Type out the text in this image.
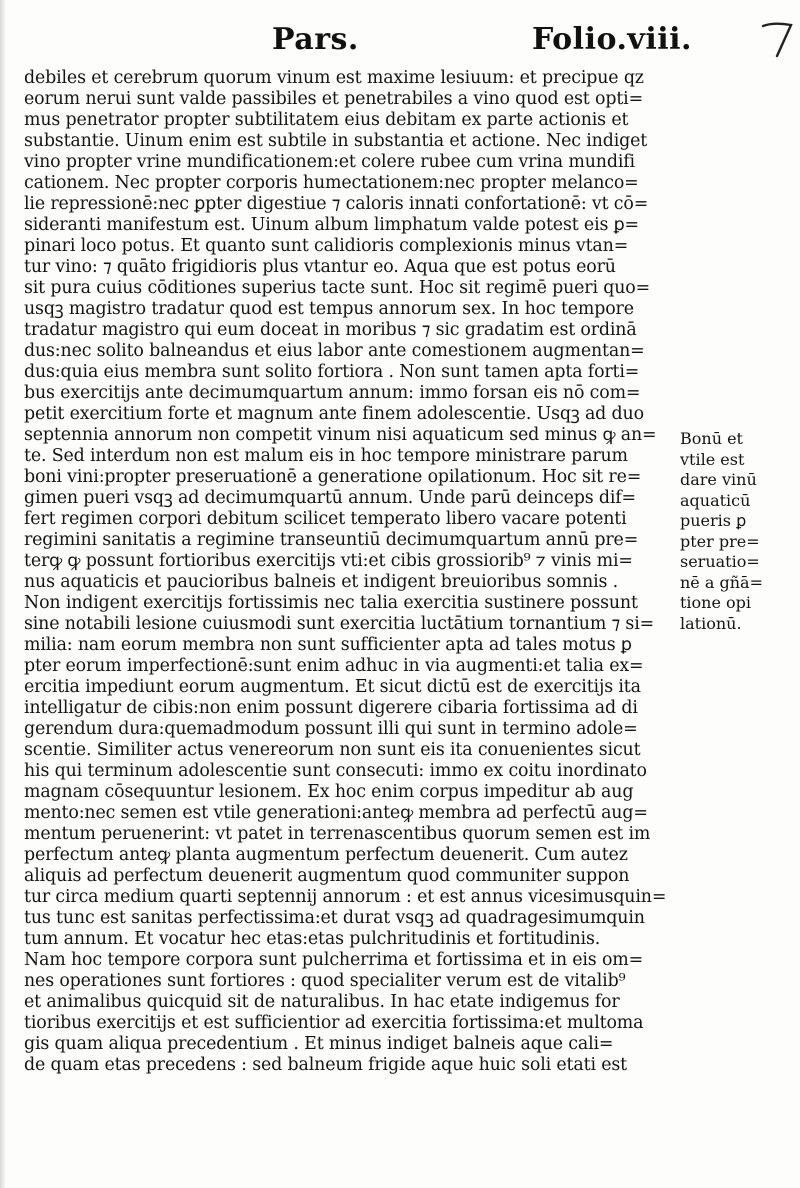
Pars.	Folio.viii.
debiles et cerebrum quorum vinum est maxime lesiuum: et precipue qz
eorum nerui sunt valde passibiles et penetrabiles a vino quod est opti=
mus penetrator propter subtilitatem eius debitam ex parte actionis et
substantie. Uinum enim est subtile in substantia et actione. Nec indiget
vino propter vrine mundificationem:et colere rubee cum vrina mundifi
cationem. Nec propter corporis humectationem:nec propter melanco=
lie repressionē:nec ꝑpter digestiue ⁊ caloris innati confortationē: vt cō=
sideranti manifestum est. Uinum album limphatum valde potest eis ꝑ=
pinari loco potus. Et quanto sunt calidioris complexionis minus vtan=
tur vino: ⁊ quāto frigidioris plus vtantur eo. Aqua que est potus eorū
sit pura cuius cōditiones superius tacte sunt. Hoc sit regimē pueri quo=
usqꝫ magistro tradatur quod est tempus annorum sex. In hoc tempore
tradatur magistro qui eum doceat in moribus ⁊ sic gradatim est ordinā
dus:nec solito balneandus et eius labor ante comestionem augmentan=
dus:quia eius membra sunt solito fortiora . Non sunt tamen apta forti=
bus exercitijs ante decimumquartum annum: immo forsan eis nō com=
petit exercitium forte et magnum ante finem adolescentie. Usqꝫ ad duo
septennia annorum non competit vinum nisi aquaticum sed minus ꝙ an=
te. Sed interdum non est malum eis in hoc tempore ministrare parum
boni vini:propter preseruationē a generatione opilationum. Hoc sit re=
gimen pueri vsqꝫ ad decimumquartū annum. Unde parū deinceps dif=
fert regimen corpori debitum scilicet temperato libero vacare potenti
regimini sanitatis a regimine transeuntiū decimumquartum annū pre=
terꝙ ꝙ possunt fortioribus exercitijs vti:et cibis grossiorib⁹ ⁊ vinis mi=
nus aquaticis et paucioribus balneis et indigent breuioribus somnis .
Non indigent exercitijs fortissimis nec talia exercitia sustinere possunt
sine notabili lesione cuiusmodi sunt exercitia luctātium tornantium ⁊ si=
milia: nam eorum membra non sunt sufficienter apta ad tales motus ꝑ
pter eorum imperfectionē:sunt enim adhuc in via augmenti:et talia ex=
ercitia impediunt eorum augmentum. Et sicut dictū est de exercitijs ita
intelligatur de cibis:non enim possunt digerere cibaria fortissima ad di
gerendum dura:quemadmodum possunt illi qui sunt in termino adole=
scentie. Similiter actus venereorum non sunt eis ita conuenientes sicut
his qui terminum adolescentie sunt consecuti: immo ex coitu inordinato
magnam cōsequuntur lesionem. Ex hoc enim corpus impeditur ab aug
mento:nec semen est vtile generationi:anteꝙ membra ad perfectū aug=
mentum peruenerint: vt patet in terrenascentibus quorum semen est im
perfectum anteꝙ planta augmentum perfectum deuenerit. Cum autez
aliquis ad perfectum deuenerit augmentum quod communiter suppon
tur circa medium quarti septennij annorum : et est annus vicesimusquin=
tus tunc est sanitas perfectissima:et durat vsqꝫ ad quadragesimumquin
tum annum. Et vocatur hec etas:etas pulchritudinis et fortitudinis.
Nam hoc tempore corpora sunt pulcherrima et fortissima et in eis om=
nes operationes sunt fortiores : quod specialiter verum est de vitalib⁹
et animalibus quicquid sit de naturalibus. In hac etate indigemus for
tioribus exercitijs et est sufficientior ad exercitia fortissima:et multoma
gis quam aliqua precedentium . Et minus indiget balneis aque cali=
de quam etas precedens : sed balneum frigide aque huic soli etati est
Bonū et
vtile est
dare vinū
aquaticū
pueris ꝑ
pter pre=
seruatio=
nē a gñā=
tione opi
lationū.
